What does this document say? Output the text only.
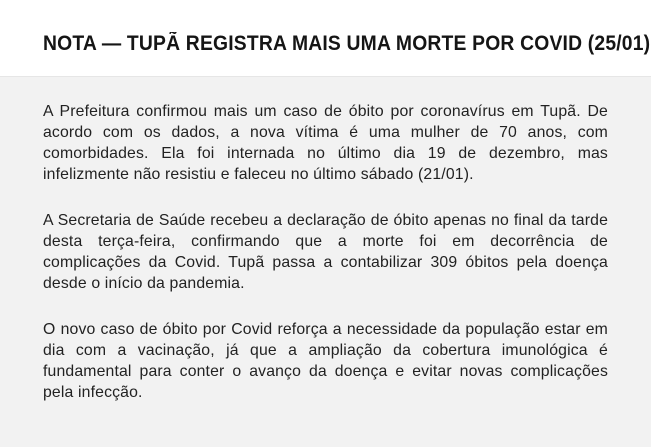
NOTA — TUPÃ REGISTRA MAIS UMA MORTE POR COVID (25/01)

A Prefeitura confirmou mais um caso de óbito por coronavírus em Tupã. De acordo com os dados, a nova vítima é uma mulher de 70 anos, com comorbidades. Ela foi internada no último dia 19 de dezembro, mas infelizmente não resistiu e faleceu no último sábado (21/01).

A Secretaria de Saúde recebeu a declaração de óbito apenas no final da tarde desta terça-feira, confirmando que a morte foi em decorrência de complicações da Covid. Tupã passa a contabilizar 309 óbitos pela doença desde o início da pandemia.

O novo caso de óbito por Covid reforça a necessidade da população estar em dia com a vacinação, já que a ampliação da cobertura imunológica é fundamental para conter o avanço da doença e evitar novas complicações pela infecção.
